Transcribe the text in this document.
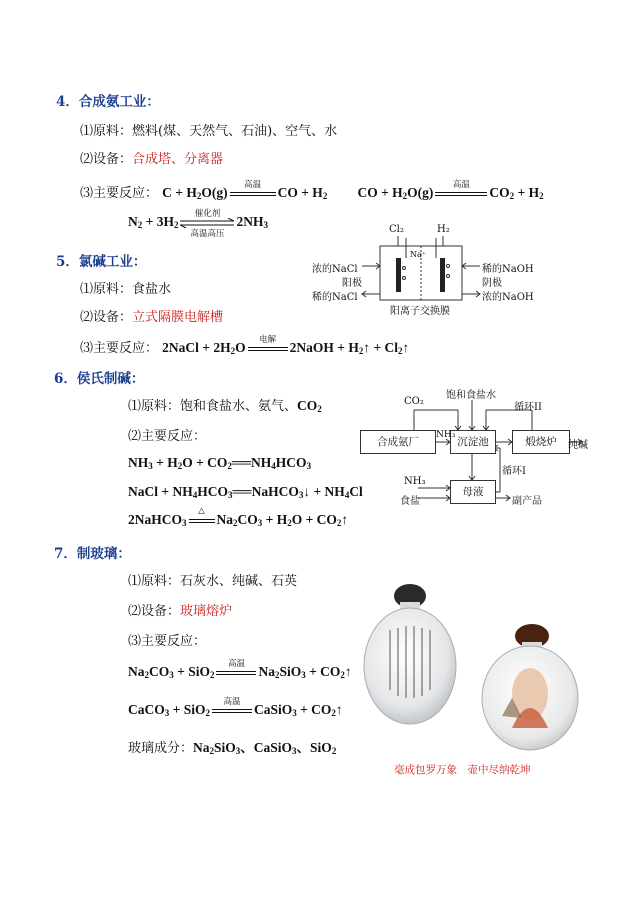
4．合成氨工业：
⑴原料：燃料(煤、天然气、石油)、空气、水
⑵设备：合成塔、分离器
⑶主要反应： $C + H_2O(g)$
高温
CO + $H_2$ CO + $H_2O(g)$
高温
$CO_2 + H_2$
$N_2 + 3H_2$
催化剂
高温高压
$2NH_3$
5．氯碱工业：
⑴原料：食盐水
⑵设备：立式隔膜电解槽
⑶主要反应： 2NaCl + $2H_2O$
电解
2NaOH + $H_2↑$ + $Cl_2↑$
Cl₂	H₂
Na⁺
浓的NaCl
阳极
稀的NaCl
稀的NaOH
阴极
浓的NaOH
阳离子交换膜
6．侯氏制碱：
⑴原料：饱和食盐水、氨气、$CO_2$
⑵主要反应：
$NH_3 + H_2O$ + $CO_2══NH_4HCO_3$
NaCl + $NH_4HCO_3══NaHCO_3↓ + NH_4Cl$
2NaHCO$_3$
△
$Na_2CO_3 + H_2O$ + $CO_2↑$
合成氨厂	沉淀池	煅烧炉
母液
CO₂
饱和食盐水
循环II
NH₃
纯碱
循环I
NH₃
食盐	副产品
7．制玻璃：
⑴原料：石灰水、纯碱、石英
⑵设备：玻璃熔炉
⑶主要反应：
$Na_2CO_3 + SiO_2$
高温
$Na_2SiO_3$ + $CO_2↑$
CaCO$_3$ + SiO$_2$
高温
CaSiO$_3$ + $CO_2↑$
玻璃成分：$Na_2SiO_3$、CaSiO$_3$、SiO$_2$
毫成包罗万象　壶中尽纳乾坤
